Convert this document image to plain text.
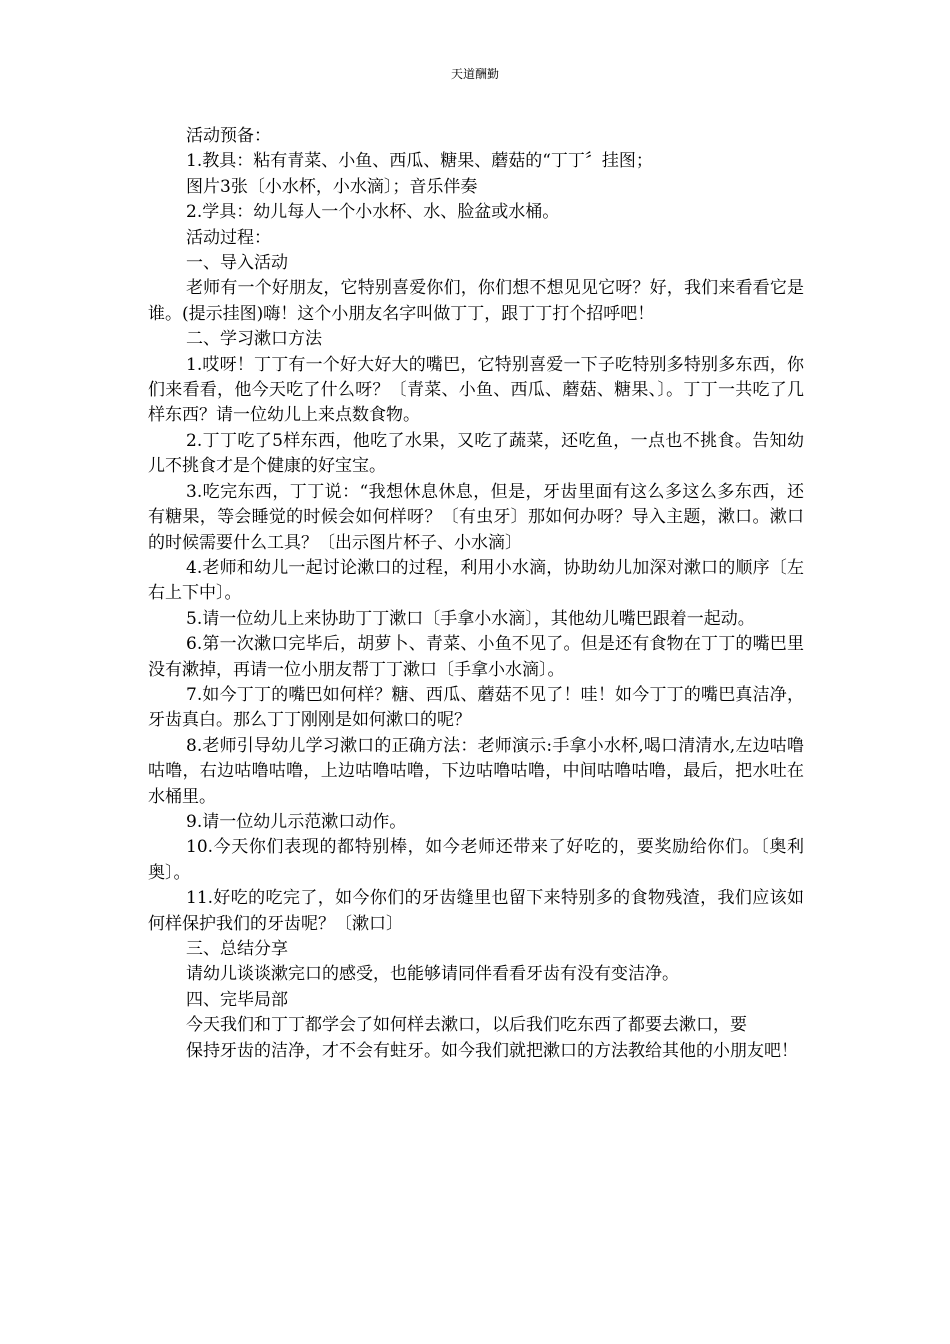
天道酬勤

活动预备：

1.教具：粘有青菜、小鱼、西瓜、糖果、蘑菇的“丁丁〞挂图；

图片3张〔小水杯，小水滴〕；音乐伴奏

2.学具：幼儿每人一个小水杯、水、脸盆或水桶。

活动过程：

一、导入活动

老师有一个好朋友，它特别喜爱你们，你们想不想见见它呀？好，我们来看看它是谁。(提示挂图)嗨！这个小朋友名字叫做丁丁，跟丁丁打个招呼吧！

二、学习漱口方法

1.哎呀！丁丁有一个好大好大的嘴巴，它特别喜爱一下子吃特别多特别多东西，你们来看看，他今天吃了什么呀？〔青菜、小鱼、西瓜、蘑菇、糖果、〕。丁丁一共吃了几样东西？请一位幼儿上来点数食物。

2.丁丁吃了5样东西，他吃了水果，又吃了蔬菜，还吃鱼，一点也不挑食。告知幼儿不挑食才是个健康的好宝宝。

3.吃完东西，丁丁说：“我想休息休息，但是，牙齿里面有这么多这么多东西，还有糖果，等会睡觉的时候会如何样呀？〔有虫牙〕那如何办呀？导入主题，漱口。漱口的时候需要什么工具？〔出示图片杯子、小水滴〕

4.老师和幼儿一起讨论漱口的过程，利用小水滴，协助幼儿加深对漱口的顺序〔左右上下中〕。

5.请一位幼儿上来协助丁丁漱口〔手拿小水滴〕，其他幼儿嘴巴跟着一起动。

6.第一次漱口完毕后，胡萝卜、青菜、小鱼不见了。但是还有食物在丁丁的嘴巴里没有漱掉，再请一位小朋友帮丁丁漱口〔手拿小水滴〕。

7.如今丁丁的嘴巴如何样？糖、西瓜、蘑菇不见了！哇！如今丁丁的嘴巴真洁净，牙齿真白。那么丁丁刚刚是如何漱口的呢？

8.老师引导幼儿学习漱口的正确方法：老师演示:手拿小水杯,喝口清清水,左边咕噜咕噜，右边咕噜咕噜，上边咕噜咕噜，下边咕噜咕噜，中间咕噜咕噜，最后，把水吐在水桶里。

9.请一位幼儿示范漱口动作。

10.今天你们表现的都特别棒，如今老师还带来了好吃的，要奖励给你们。〔奥利奥〕。

11.好吃的吃完了，如今你们的牙齿缝里也留下来特别多的食物残渣，我们应该如何样保护我们的牙齿呢？〔漱口〕

三、总结分享

请幼儿谈谈漱完口的感受，也能够请同伴看看牙齿有没有变洁净。

四、完毕局部

今天我们和丁丁都学会了如何样去漱口，以后我们吃东西了都要去漱口，要

保持牙齿的洁净，才不会有蛀牙。如今我们就把漱口的方法教给其他的小朋友吧！
